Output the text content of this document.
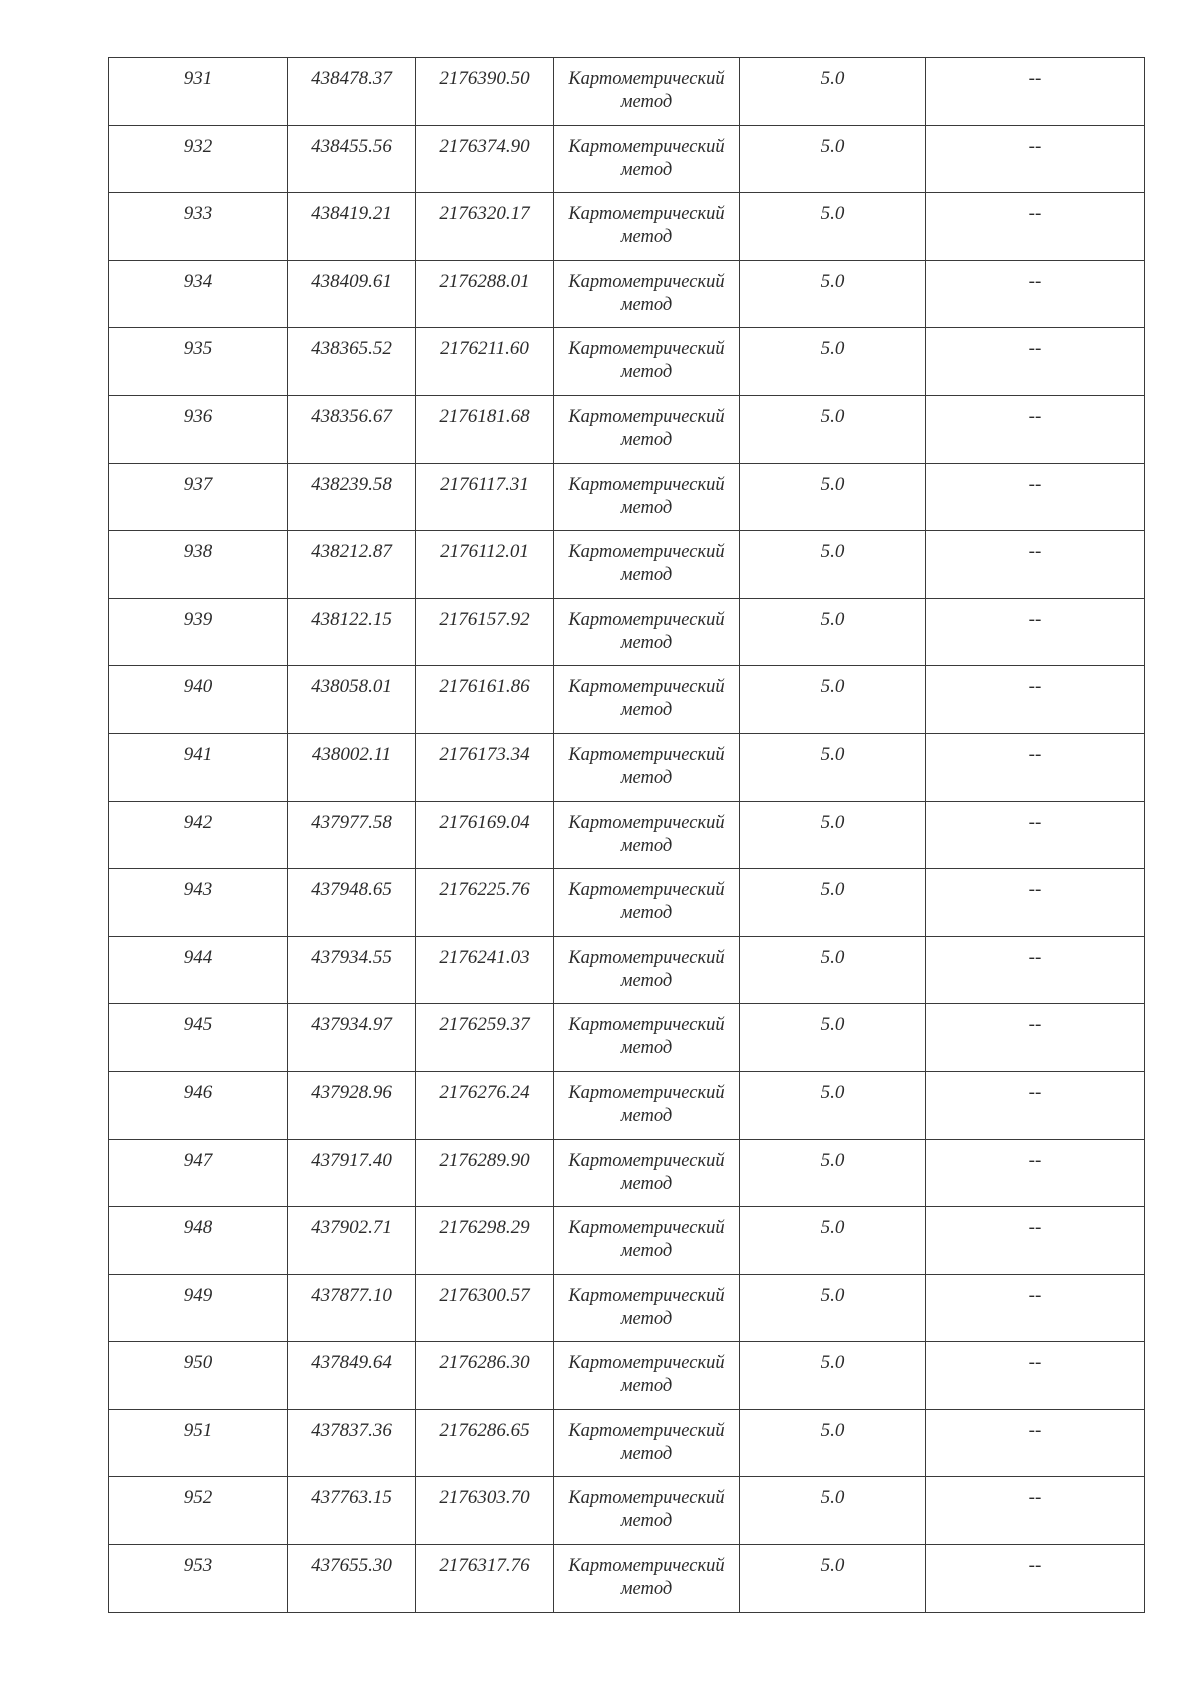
931	438478.37	2176390.50	Картометрический
метод	5.0	--

932	438455.56	2176374.90	Картометрический
метод	5.0	--

933	438419.21	2176320.17	Картометрический
метод	5.0	--

934	438409.61	2176288.01	Картометрический
метод	5.0	--

935	438365.52	2176211.60	Картометрический
метод	5.0	--

936	438356.67	2176181.68	Картометрический
метод	5.0	--

937	438239.58	2176117.31	Картометрический
метод	5.0	--

938	438212.87	2176112.01	Картометрический
метод	5.0	--

939	438122.15	2176157.92	Картометрический
метод	5.0	--

940	438058.01	2176161.86	Картометрический
метод	5.0	--

941	438002.11	2176173.34	Картометрический
метод	5.0	--

942	437977.58	2176169.04	Картометрический
метод	5.0	--

943	437948.65	2176225.76	Картометрический
метод	5.0	--

944	437934.55	2176241.03	Картометрический
метод	5.0	--

945	437934.97	2176259.37	Картометрический
метод	5.0	--

946	437928.96	2176276.24	Картометрический
метод	5.0	--

947	437917.40	2176289.90	Картометрический
метод	5.0	--

948	437902.71	2176298.29	Картометрический
метод	5.0	--

949	437877.10	2176300.57	Картометрический
метод	5.0	--

950	437849.64	2176286.30	Картометрический
метод	5.0	--

951	437837.36	2176286.65	Картометрический
метод	5.0	--

952	437763.15	2176303.70	Картометрический
метод	5.0	--

953	437655.30	2176317.76	Картометрический
метод	5.0	--
